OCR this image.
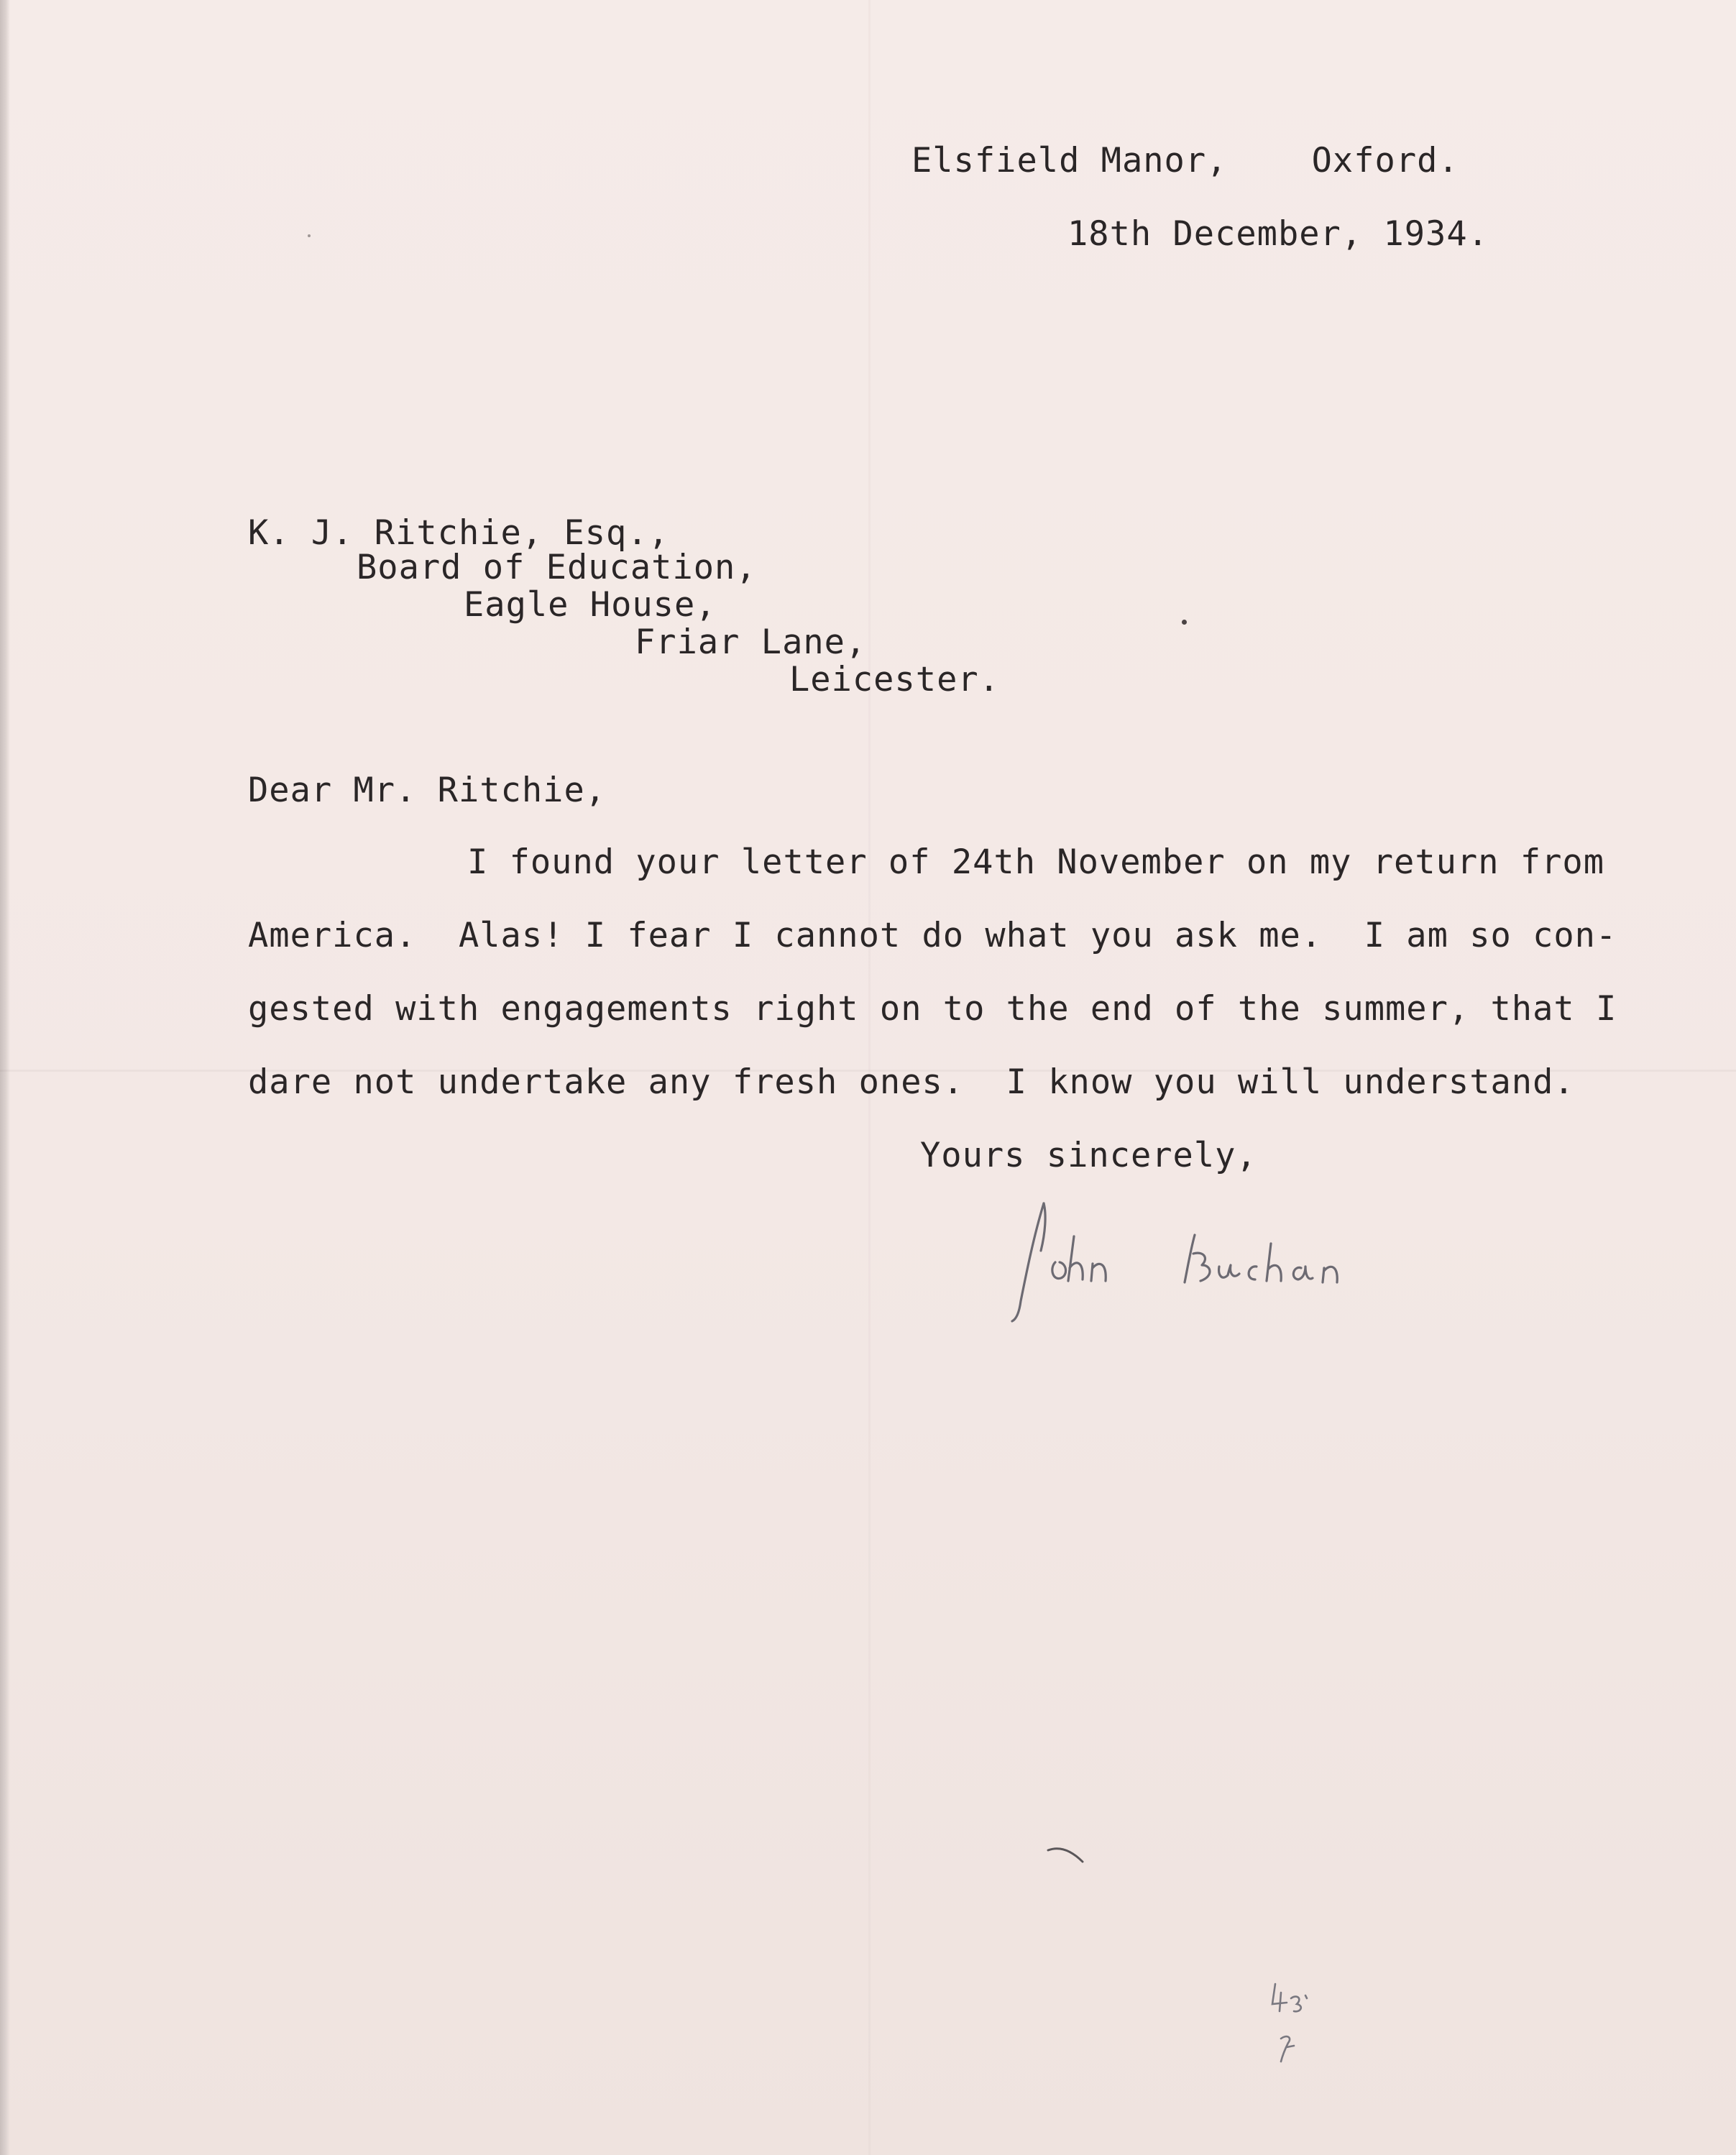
Elsfield Manor,    Oxford.
18th December, 1934.
K. J. Ritchie, Esq.,
Board of Education,
Eagle House,
Friar Lane,
Leicester.
Dear Mr. Ritchie,
I found your letter of 24th November on my return from
America.  Alas! I fear I cannot do what you ask me.  I am so con-
gested with engagements right on to the end of the summer, that I
dare not undertake any fresh ones.  I know you will understand.
Yours sincerely,
